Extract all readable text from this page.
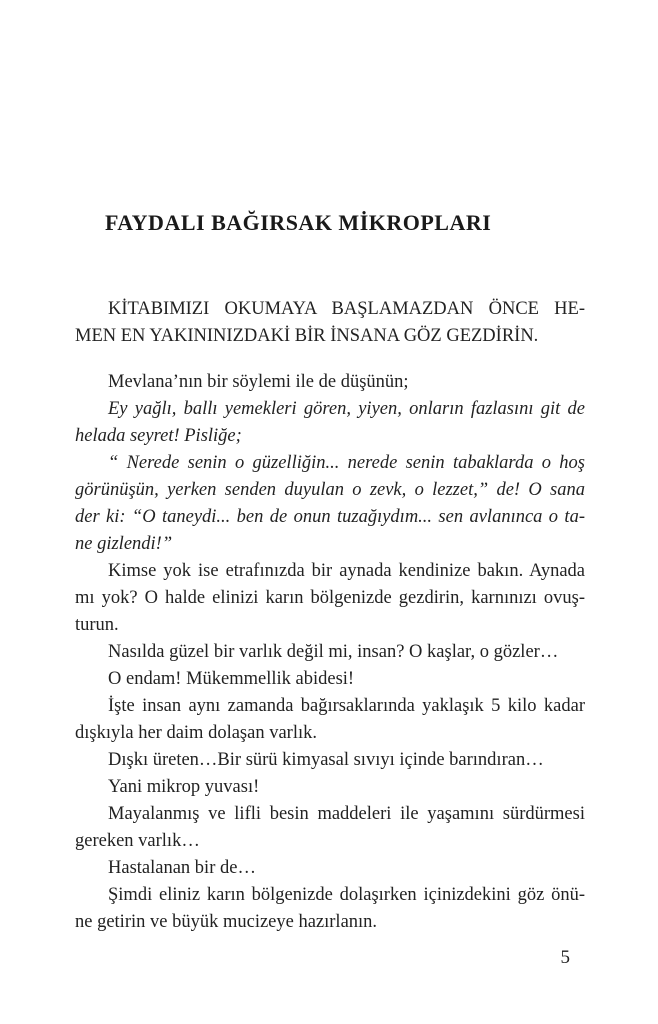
FAYDALI BAĞIRSAK MİKROPLARI
KİTABIMIZI OKUMAYA BAŞLAMAZDAN ÖNCE HE-
MEN EN YAKININIZDAKİ BİR İNSANA GÖZ GEZDİRİN.
Mevlana’nın bir söylemi ile de düşünün;
Ey yağlı, ballı yemekleri gören, yiyen, onların fazlasını git de
helada seyret! Pisliğe;
“ Nerede senin o güzelliğin... nerede senin tabaklarda o hoş
görünüşün, yerken senden duyulan o zevk, o lezzet,” de! O sana
der ki: “O taneydi... ben de onun tuzağıydım... sen avlanınca o ta-
ne gizlendi!”
Kimse yok ise etrafınızda bir aynada kendinize bakın. Aynada
mı yok? O halde elinizi karın bölgenizde gezdirin, karnınızı ovuş-
turun.
Nasılda güzel bir varlık değil mi, insan? O kaşlar, o gözler…
O endam! Mükemmellik abidesi!
İşte insan aynı zamanda bağırsaklarında yaklaşık 5 kilo kadar
dışkıyla her daim dolaşan varlık.
Dışkı üreten…Bir sürü kimyasal sıvıyı içinde barındıran…
Yani mikrop yuvası!
Mayalanmış ve lifli besin maddeleri ile yaşamını sürdürmesi
gereken varlık…
Hastalanan bir de…
Şimdi eliniz karın bölgenizde dolaşırken içinizdekini göz önü-
ne getirin ve büyük mucizeye hazırlanın.
5
